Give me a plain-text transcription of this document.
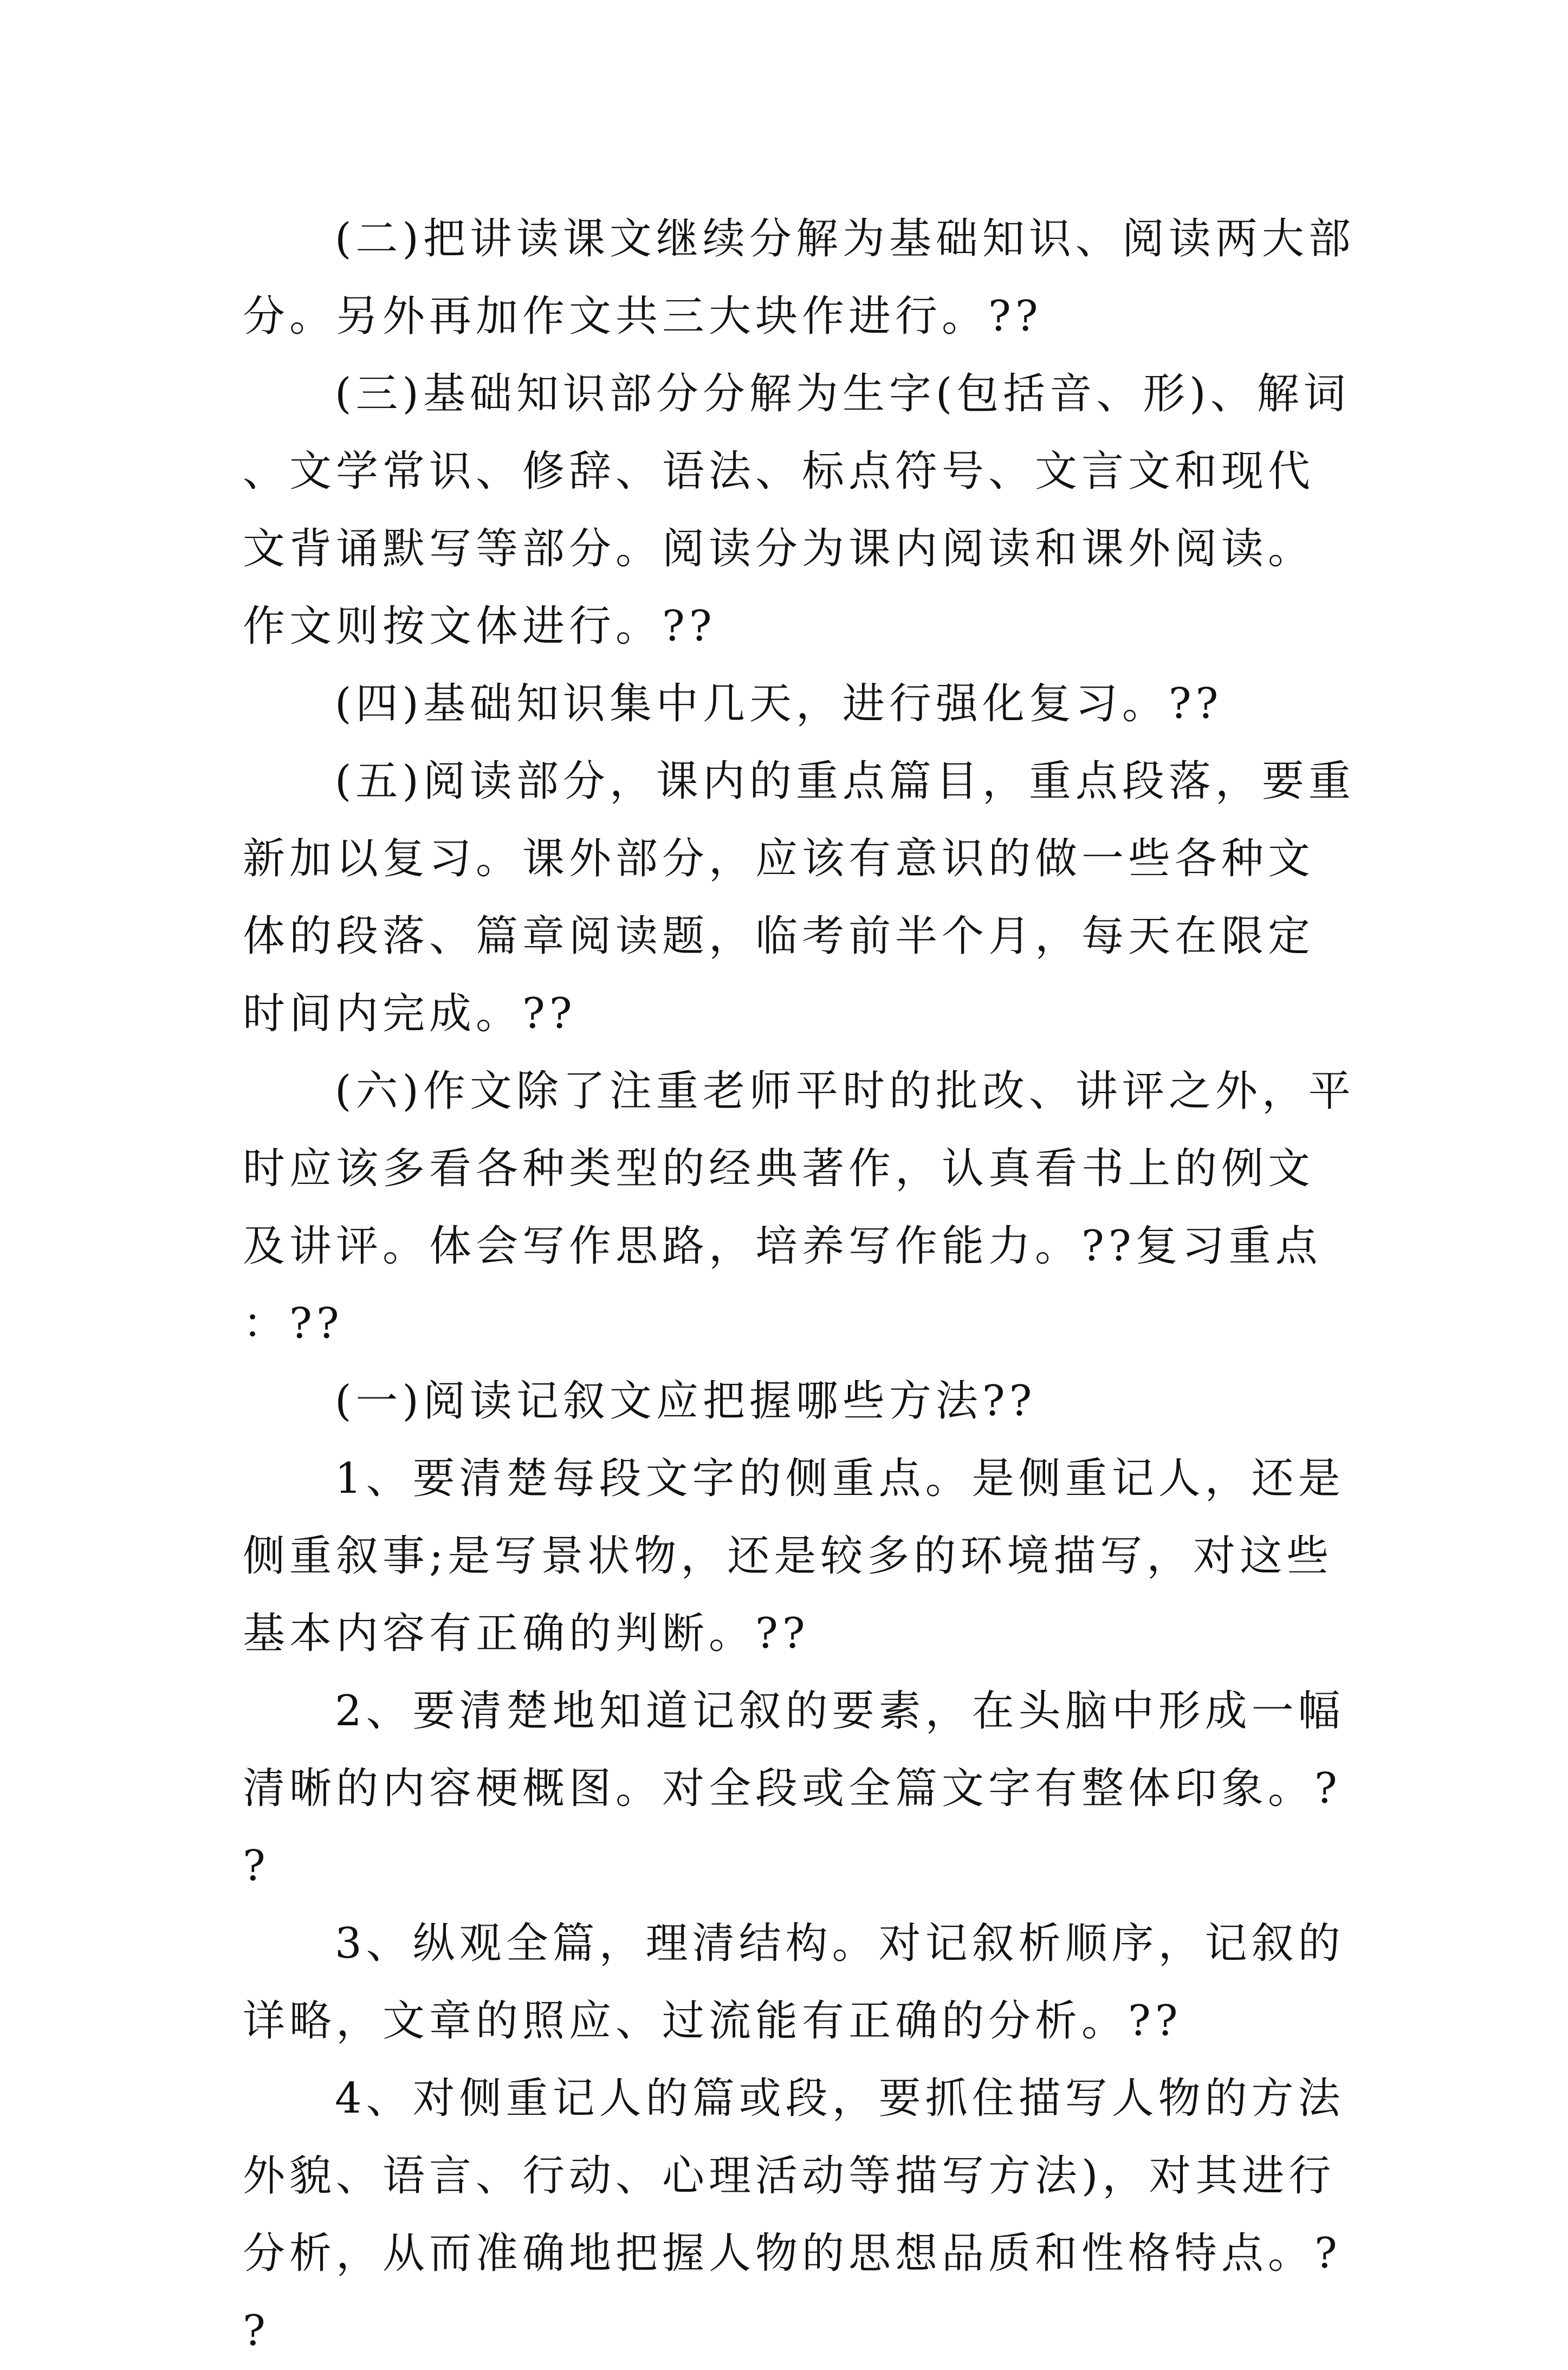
(二)把讲读课文继续分解为基础知识、阅读两大部分。另外再加作文共三大块作进行。??

(三)基础知识部分分解为生字(包括音、形)、解词、文学常识、修辞、语法、标点符号、文言文和现代文背诵默写等部分。阅读分为课内阅读和课外阅读。作文则按文体进行。??

(四)基础知识集中几天，进行强化复习。??

(五)阅读部分，课内的重点篇目，重点段落，要重新加以复习。课外部分，应该有意识的做一些各种文体的段落、篇章阅读题，临考前半个月，每天在限定时间内完成。??

(六)作文除了注重老师平时的批改、讲评之外，平时应该多看各种类型的经典著作，认真看书上的例文及讲评。体会写作思路，培养写作能力。??复习重点：??

(一)阅读记叙文应把握哪些方法??

1、要清楚每段文字的侧重点。是侧重记人，还是侧重叙事;是写景状物，还是较多的环境描写，对这些基本内容有正确的判断。??

2、要清楚地知道记叙的要素，在头脑中形成一幅清晰的内容梗概图。对全段或全篇文字有整体印象。??

3、纵观全篇，理清结构。对记叙析顺序，记叙的详略，文章的照应、过流能有正确的分析。??

4、对侧重记人的篇或段，要抓住描写人物的方法外貌、语言、行动、心理活动等描写方法)，对其进行分析，从而准确地把握人物的思想品质和性格特点。??
